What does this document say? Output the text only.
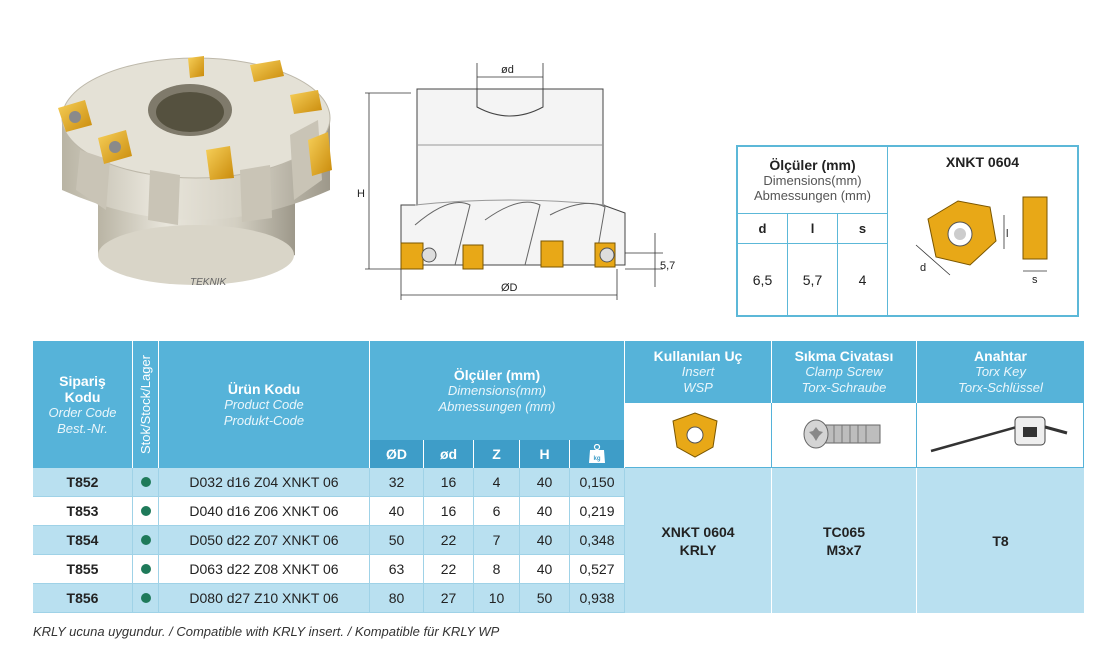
TEKNIK
ød
H
ØD
5,7
Ölçüler (mm)
Dimensions(mm)
Abmessungen (mm)
XNKT 0604
d	l	s
6,5	5,7	4
d
l
s
Sipariş
Kodu
Order Code
Best.-Nr. Stok/Stock/Lager	Ürün Kodu
Product Code
Produkt-Code
Ölçüler (mm)
Dimensions(mm)
Abmessungen (mm)
Kullanılan Uç
Insert
WSP
Sıkma Civatası
Clamp Screw
Torx-Schraube
Anahtar
Torx Key
Torx-Schlüssel
ØD	ød	Z	H	kg
T852	D032 d16 Z04 XNKT 06	32	16	4	40	0,150
T853	D040 d16 Z06 XNKT 06	40	16	6	40	0,219
T854	D050 d22 Z07 XNKT 06	50	22	7	40	0,348
T855	D063 d22 Z08 XNKT 06	63	22	8	40	0,527
T856	D080 d27 Z10 XNKT 06	80	27	10	50	0,938
XNKT 0604
KRLY
TC065
M3x7
T8
KRLY ucuna uygundur. / Compatible with KRLY insert. / Kompatible für KRLY WP
